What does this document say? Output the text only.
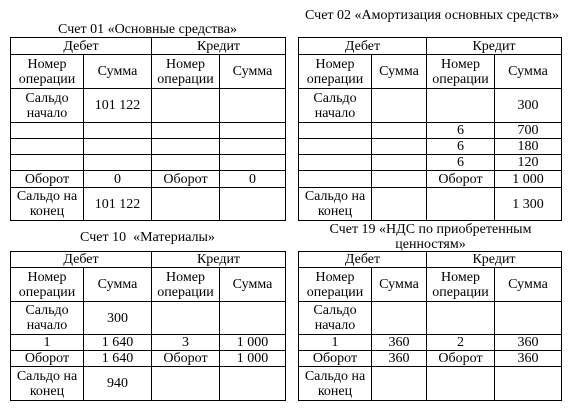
Счет 01 «Основные средства»
Дебет		Кредит	
Номер операции	Сумма	Номер операции	Сумма
Сальдо начало	101 122		

Оборот	0	Оборот	0
Сальдо на конец	101 122		
Счет 02 «Амортизация основных средств»
Дебет		Кредит	
Номер операции	Сумма	Номер операции	Сумма
Сальдо начало			300
		6	700
		6	180
		6	120
		Оборот	1 000
Сальдо на конец			1 300
Счет 10  «Материалы»
Дебет		Кредит	
Номер операции	Сумма	Номер операции	Сумма
Сальдо начало	300		
1	1 640	3	1 000
Оборот	1 640	Оборот	1 000
Сальдо на конец	940		
Счет 19 «НДС по приобретенным ценностям»
Дебет		Кредит	
Номер операции	Сумма	Номер операции	Сумма
Сальдо начало			
1	360	2	360
Оборот	360	Оборот	360
Сальдо на конец			
